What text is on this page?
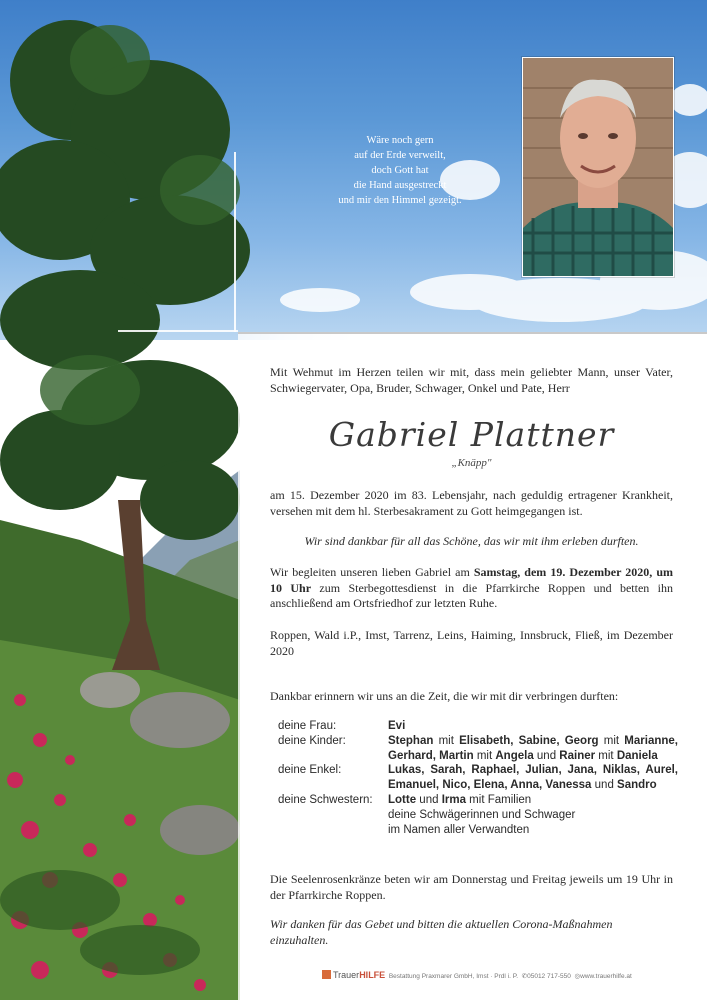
Wäre noch gern
auf der Erde verweilt,
doch Gott hat
die Hand ausgestreckt
und mir den Himmel gezeigt.
Mit Wehmut im Herzen teilen wir mit, dass mein geliebter Mann, unser Vater, Schwiegervater, Opa, Bruder, Schwager, Onkel und Pate, Herr
Gabriel Plattner
„Knäpp"
am 15. Dezember 2020 im 83. Lebensjahr, nach geduldig ertragener Krankheit, versehen mit dem hl. Sterbesakrament zu Gott heimgegangen ist.
Wir sind dankbar für all das Schöne, das wir mit ihm erleben durften.
Wir begleiten unseren lieben Gabriel am Samstag, dem 19. Dezember 2020, um 10 Uhr zum Sterbegottesdienst in die Pfarrkirche Roppen und betten ihn anschließend am Ortsfriedhof zur letzten Ruhe.
Roppen, Wald i.P., Imst, Tarrenz, Leins, Haiming, Innsbruck, Fließ, im Dezember 2020
Dankbar erinnern wir uns an die Zeit, die wir mit dir verbringen durften:
deine Frau:	Evi
deine Kinder:	Stephan mit Elisabeth, Sabine, Georg mit Marianne, Gerhard, Martin mit Angela und Rainer mit Daniela
deine Enkel:	Lukas, Sarah, Raphael, Julian, Jana, Niklas, Aurel, Emanuel, Nico, Elena, Anna, Vanessa und Sandro
deine Schwestern:	Lotte und Irma mit Familien
	deine Schwägerinnen und Schwager
	im Namen aller Verwandten
Die Seelenrosenkränze beten wir am Donnerstag und Freitag jeweils um 19 Uhr in der Pfarrkirche Roppen.
Wir danken für das Gebet und bitten die aktuellen Corona-Maßnahmen einzuhalten.
TrauerHILFE Bestattung Praxmarer GmbH, Imst · Prdl i. P. ✆05012 717-550 ◎www.trauerhilfe.at
